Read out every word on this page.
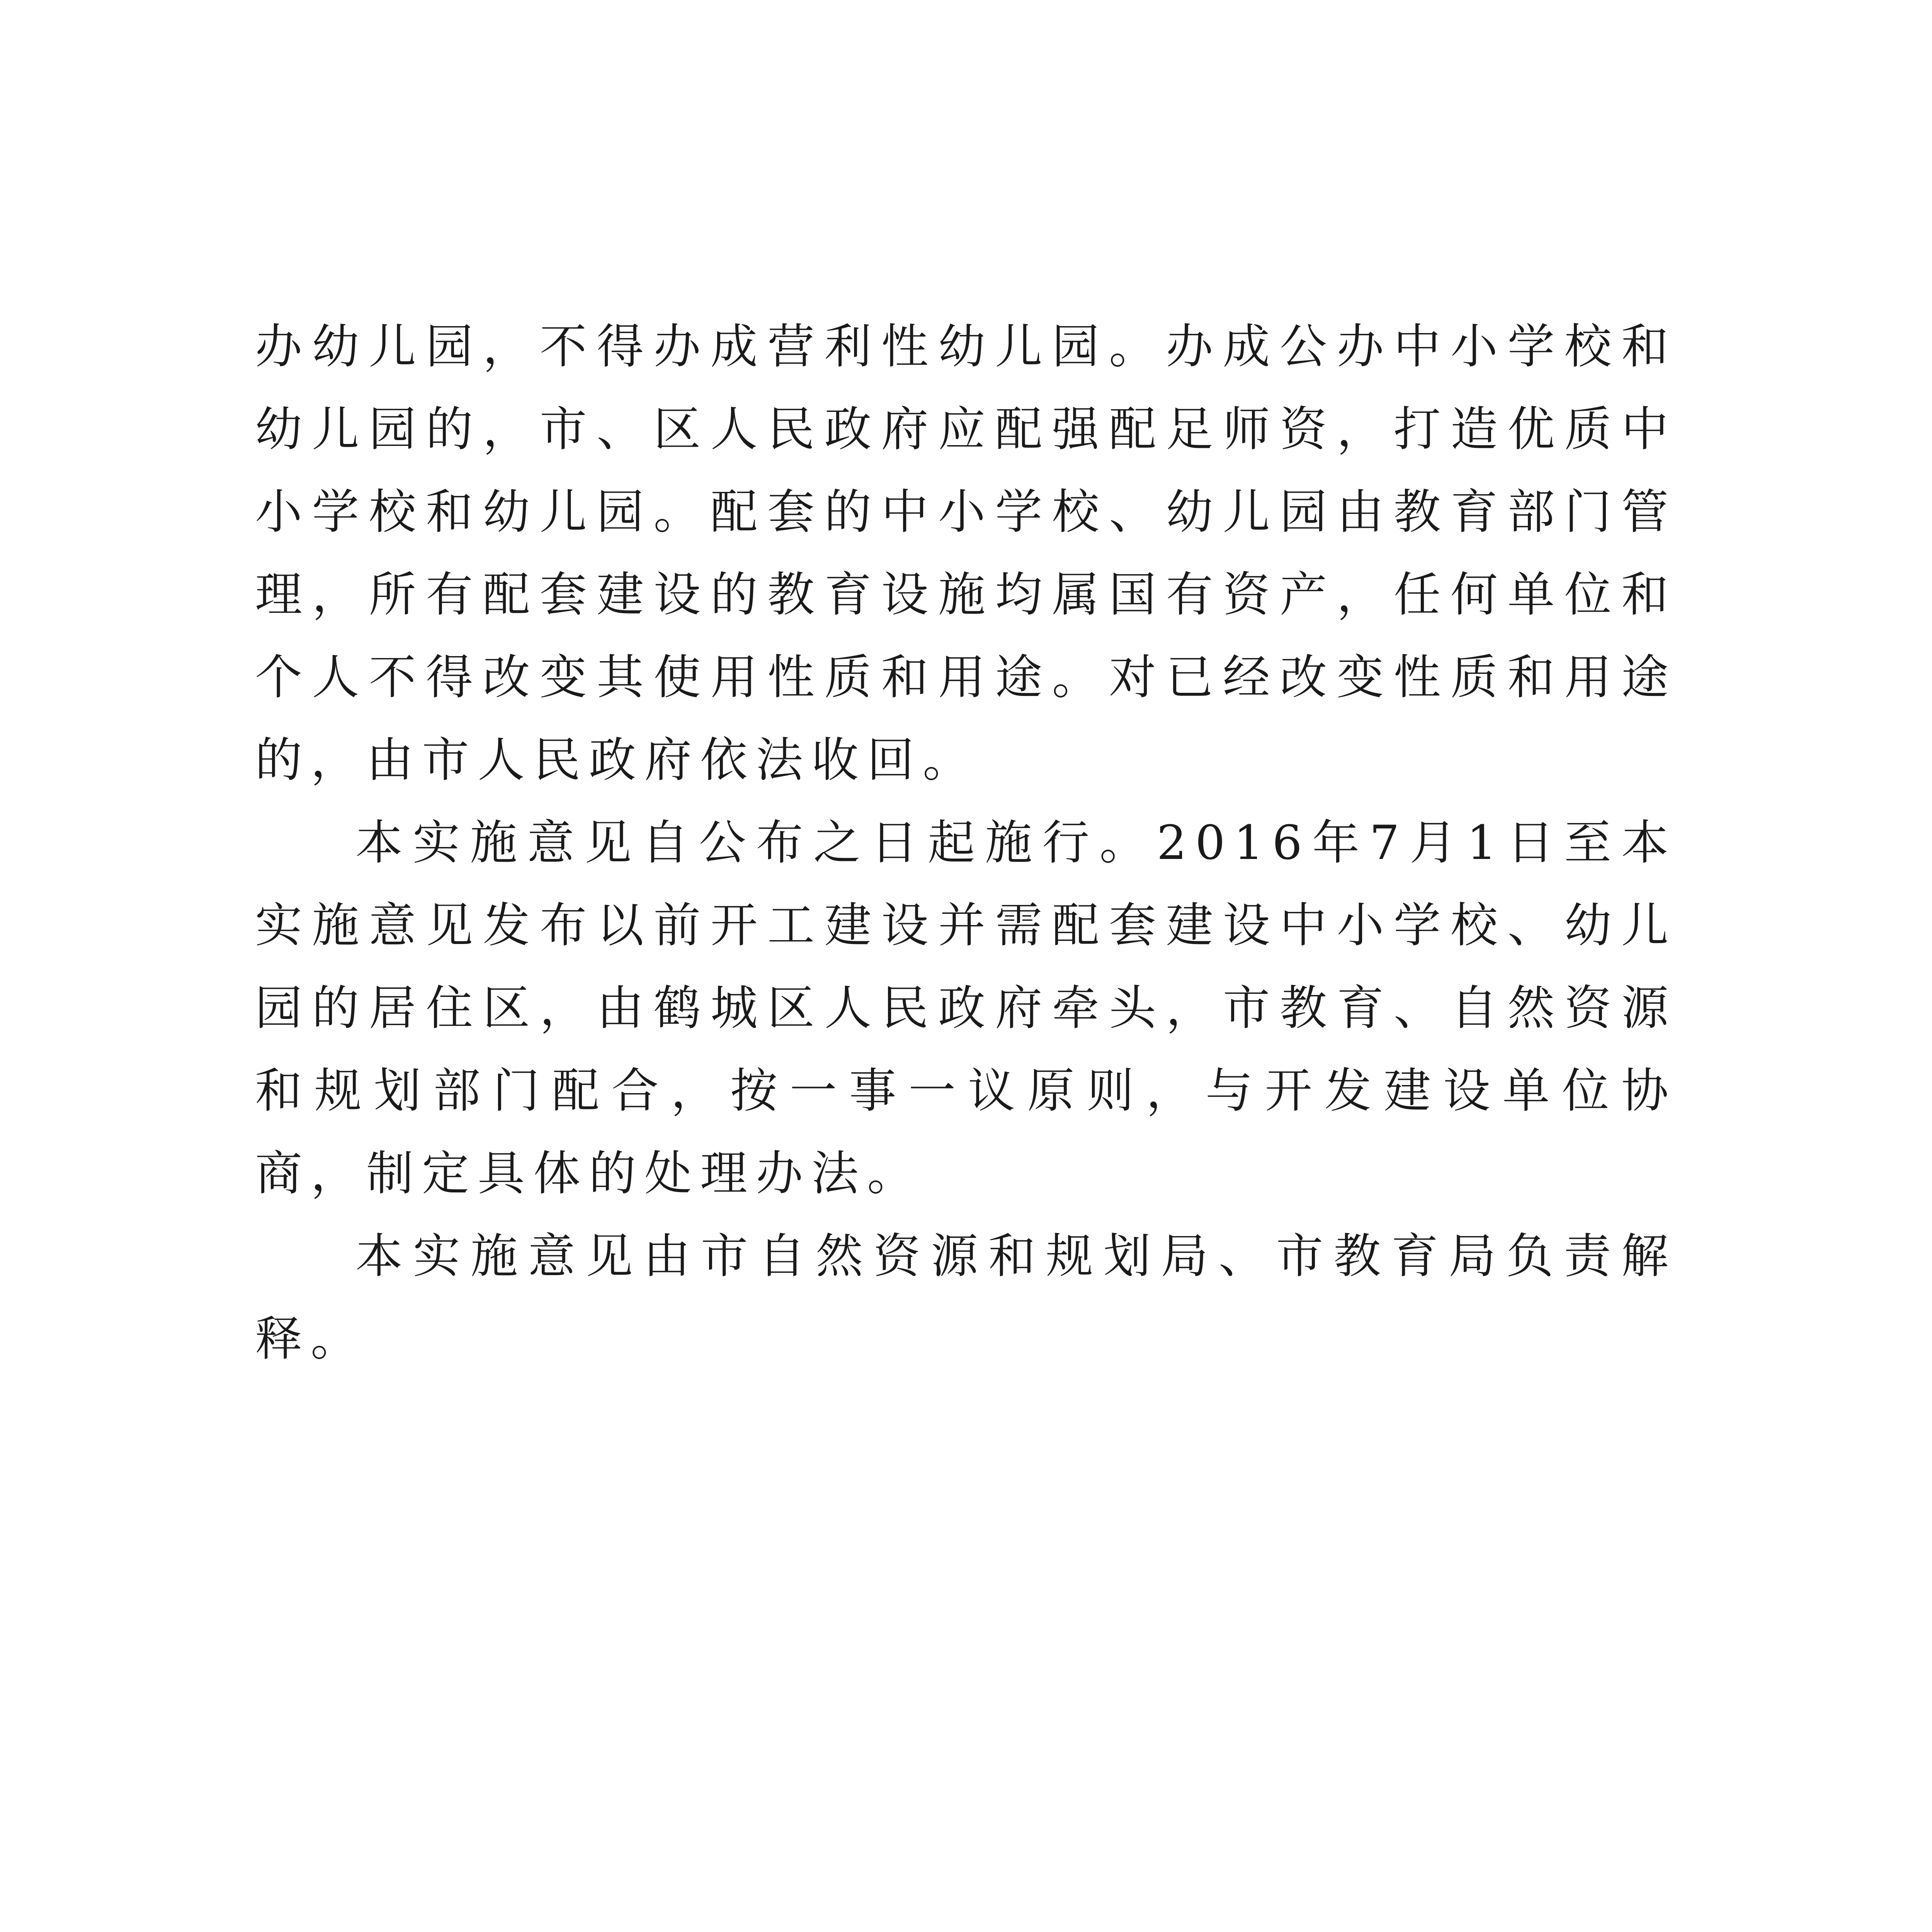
办幼儿园，不得办成营利性幼儿园。办成公办中小学校和幼儿园的，市、区人民政府应配强配足师资，打造优质中小学校和幼儿园。配套的中小学校、幼儿园由教育部门管理，所有配套建设的教育设施均属国有资产，任何单位和个人不得改变其使用性质和用途。对已经改变性质和用途的，由市人民政府依法收回。

本实施意见自公布之日起施行。2016年7月1日至本实施意见发布以前开工建设并需配套建设中小学校、幼儿园的居住区，由鹤城区人民政府牵头，市教育、自然资源和规划部门配合，按一事一议原则，与开发建设单位协商，制定具体的处理办法。

本实施意见由市自然资源和规划局、市教育局负责解释。
